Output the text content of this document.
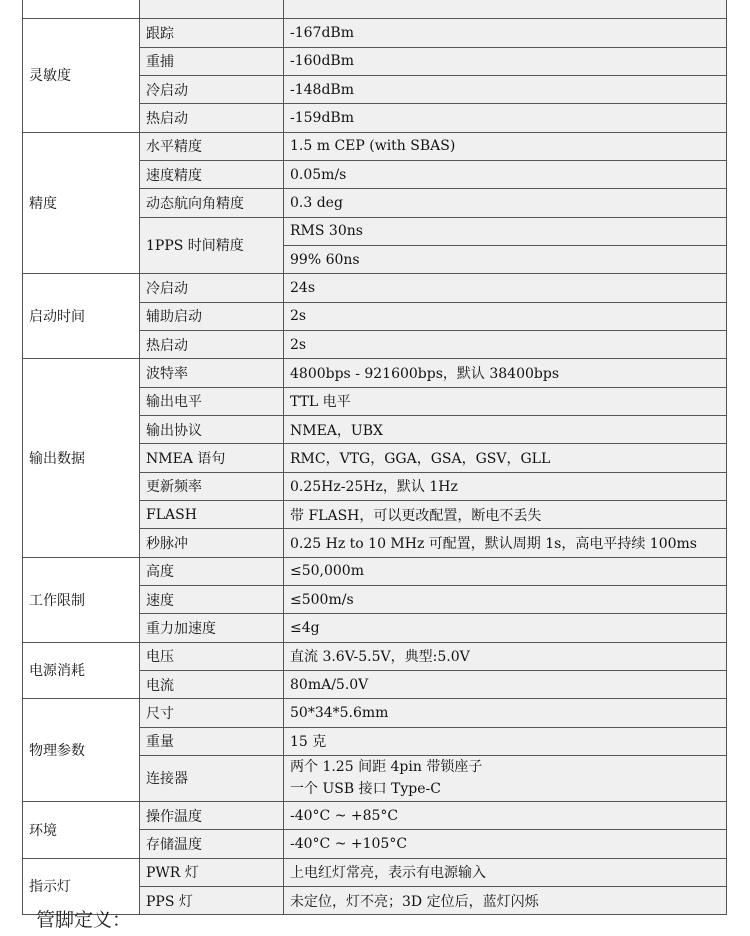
灵敏度	跟踪	-167dBm
	重捕	-160dBm
	冷启动	-148dBm
	热启动	-159dBm
精度	水平精度	1.5 m CEP (with SBAS)
	速度精度	0.05m/s
	动态航向角精度	0.3 deg
	1PPS 时间精度	RMS 30ns
		99% 60ns
启动时间	冷启动	24s
	辅助启动	2s
	热启动	2s
输出数据	波特率	4800bps - 921600bps，默认 38400bps
	输出电平	TTL 电平
	输出协议	NMEA，UBX
	NMEA 语句	RMC，VTG，GGA，GSA，GSV，GLL
	更新频率	0.25Hz-25Hz，默认 1Hz
	FLASH	带 FLASH，可以更改配置，断电不丢失
	秒脉冲	0.25 Hz to 10 MHz 可配置，默认周期 1s，高电平持续 100ms
工作限制	高度	≤50,000m
	速度	≤500m/s
	重力加速度	≤4g
电源消耗	电压	直流 3.6V-5.5V，典型:5.0V
	电流	80mA/5.0V
物理参数	尺寸	50*34*5.6mm
	重量	15 克
	连接器	两个 1.25 间距 4pin 带锁座子
一个 USB 接口 Type-C

环境	操作温度	-40°C ~ +85°C
	存储温度	-40°C ~ +105°C
指示灯	PWR 灯	上电红灯常亮，表示有电源输入
	PPS 灯	未定位，灯不亮；3D 定位后，蓝灯闪烁
管脚定义：
